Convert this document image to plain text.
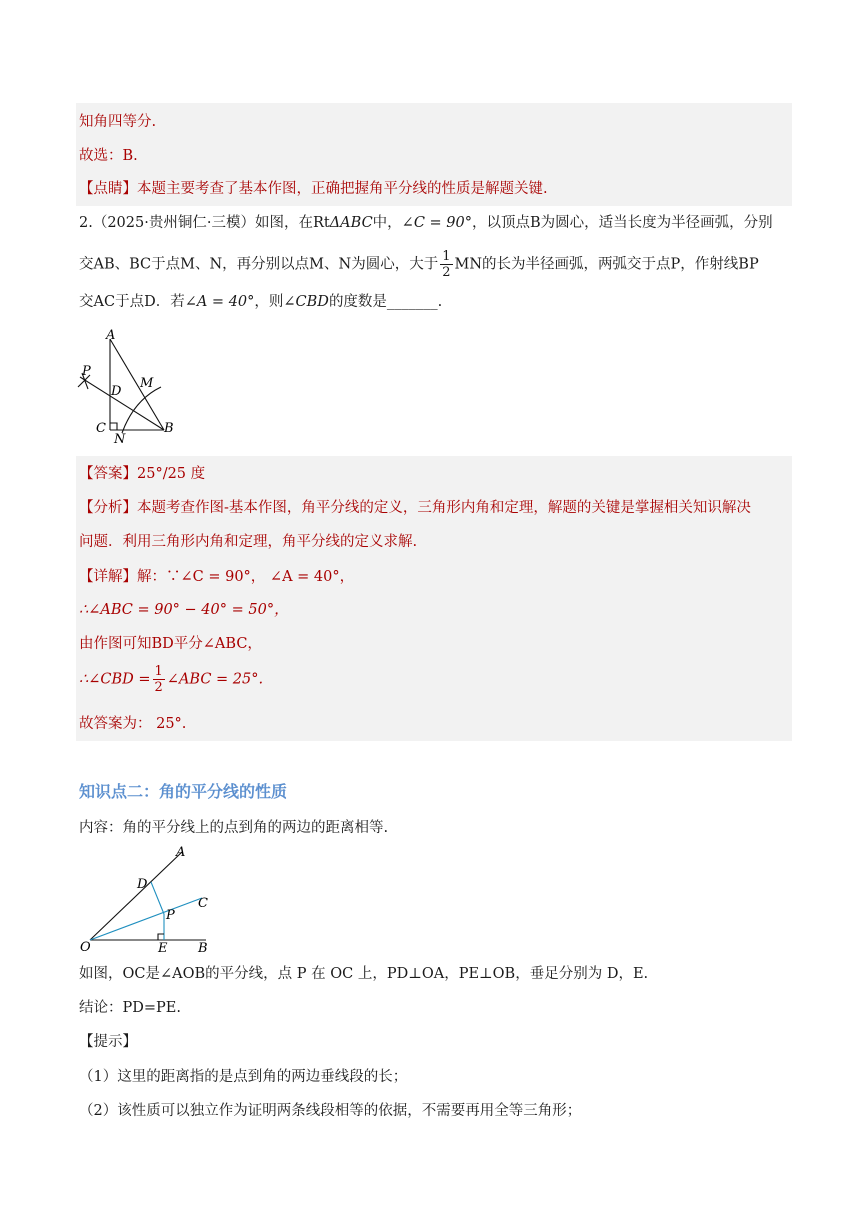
知角四等分.
故选：B.
【点睛】本题主要考查了基本作图，正确把握角平分线的性质是解题关键.
2.（2025·贵州铜仁·三模）如图，在RtΔABC中，∠C = 90°，以顶点B为圆心，适当长度为半径画弧，分别
交AB、BC于点M、N，再分别以点M、N为圆心，大于 $\frac{1}{2}$ MN的长为半径画弧，两弧交于点P，作射线BP
交AC于点D．若∠A = 40°，则∠CBD的度数是_______.
A
P
D
M
C
N
B
【答案】25°/25 度
【分析】本题考查作图-基本作图，角平分线的定义，三角形内角和定理，解题的关键是掌握相关知识解决
问题．利用三角形内角和定理，角平分线的定义求解.
【详解】解：∵∠C = 90°， ∠A = 40°，
∴∠ABC = 90° − 40° = 50°，
由作图可知BD平分∠ABC，
∴∠CBD = $\frac{1}{2}$ ∠ABC = 25°.
故答案为： 25°.
知识点二：角的平分线的性质
内容：角的平分线上的点到角的两边的距离相等.
A
D
C
P
O	E B
如图，OC是∠AOB的平分线，点 P 在 OC 上，PD⊥OA，PE⊥OB，垂足分别为 D，E.
结论：PD=PE.
【提示】
（1）这里的距离指的是点到角的两边垂线段的长；
（2）该性质可以独立作为证明两条线段相等的依据，不需要再用全等三角形；
